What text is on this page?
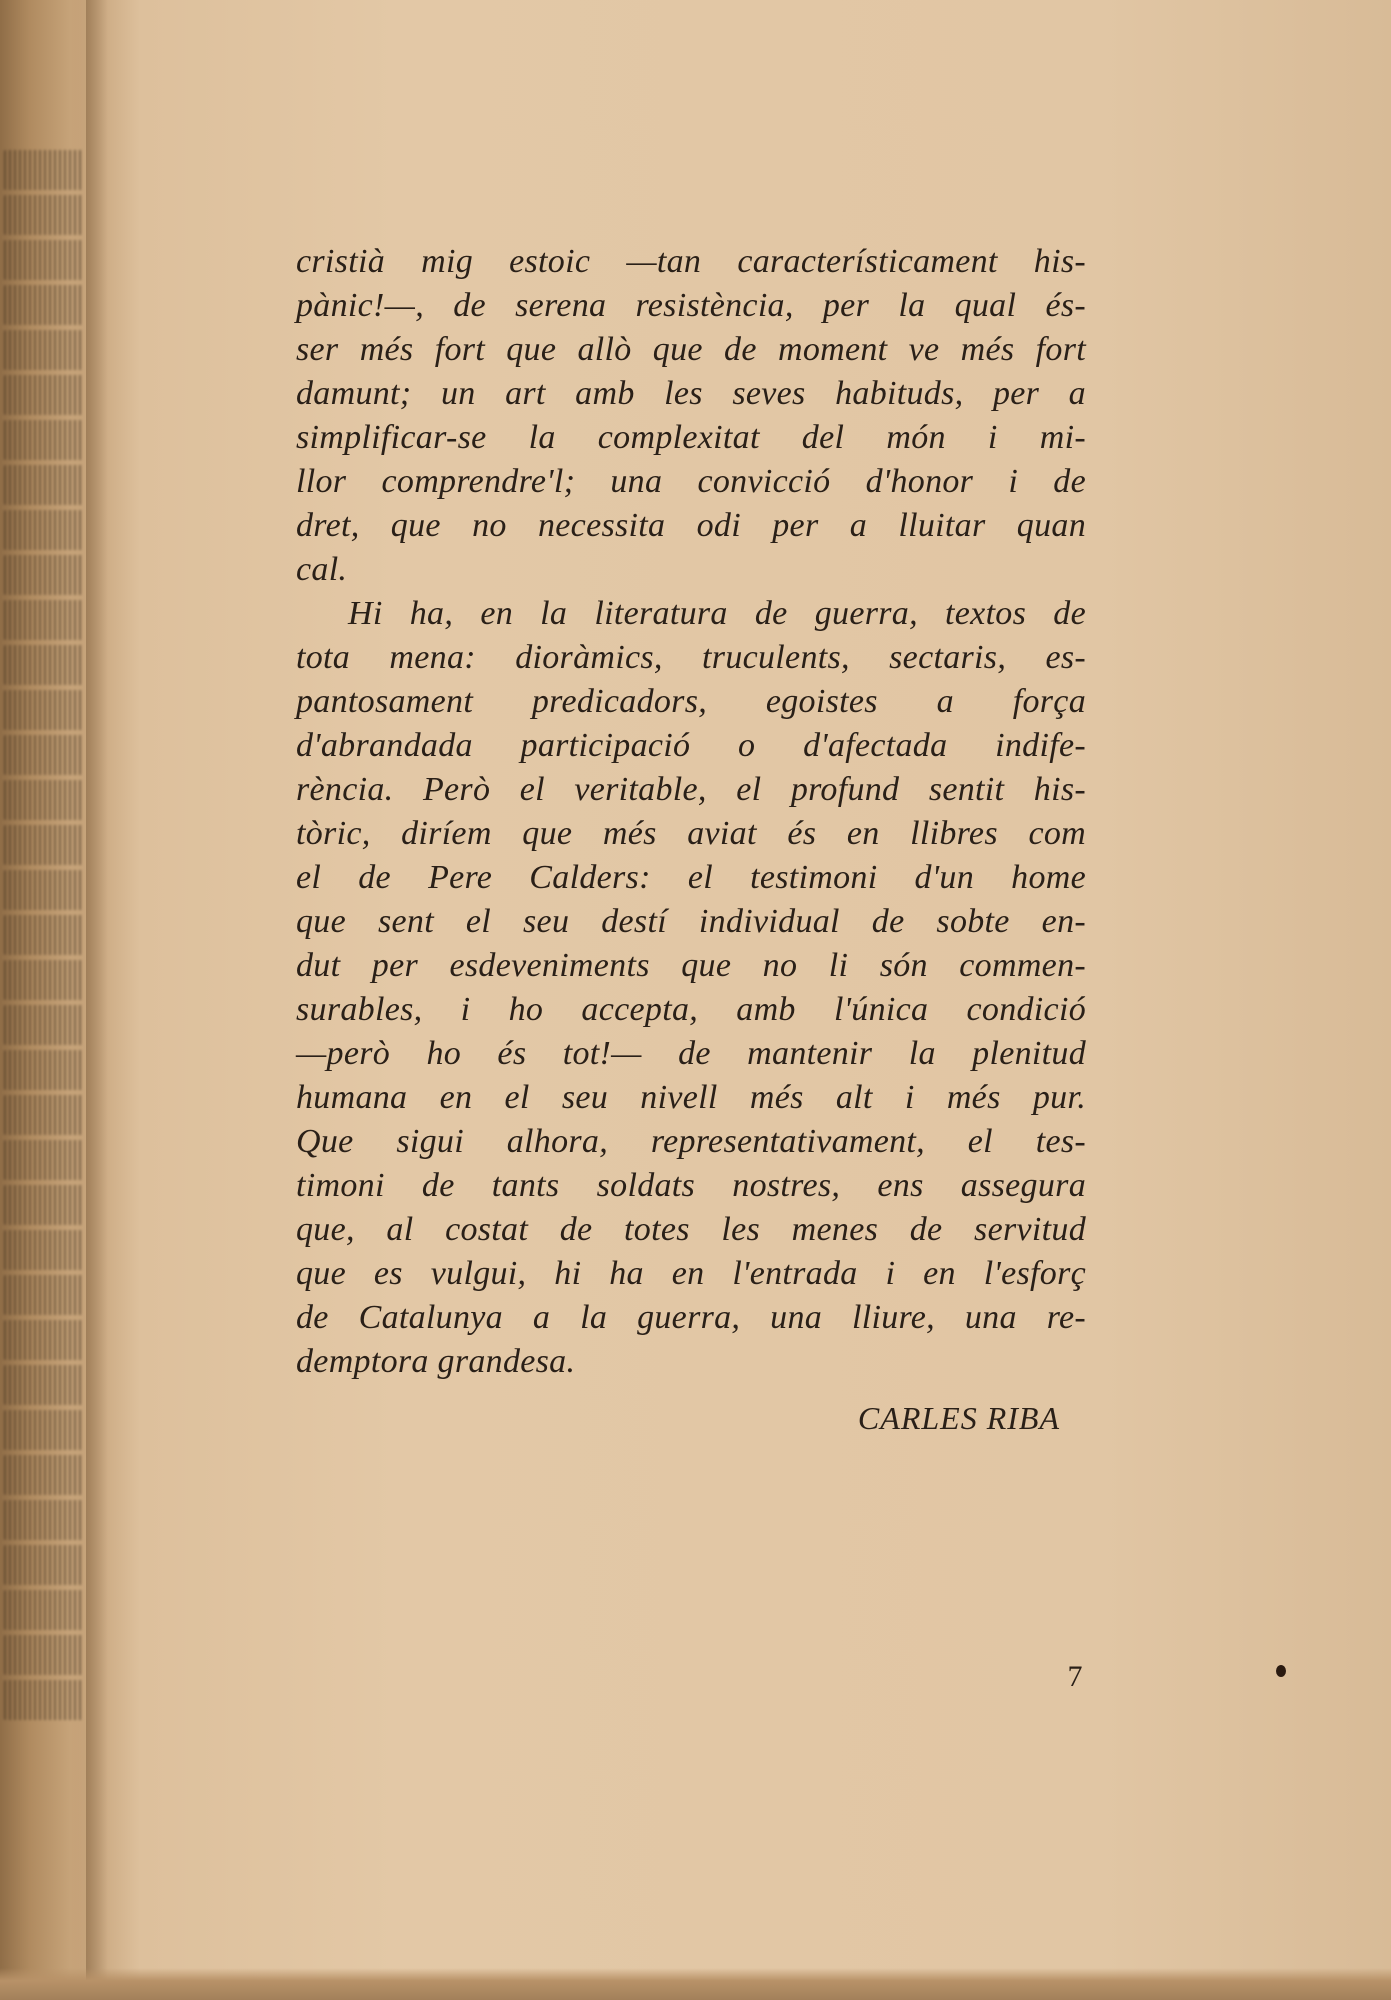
cristià mig estoic —tan característicament his-
pànic!—, de serena resistència, per la qual és-
ser més fort que allò que de moment ve més fort
damunt; un art amb les seves habituds, per a
simplificar-se la complexitat del món i mi-
llor comprendre'l; una convicció d'honor i de
dret, que no necessita odi per a lluitar quan
cal.
Hi ha, en la literatura de guerra, textos de
tota mena: dioràmics, truculents, sectaris, es-
pantosament predicadors, egoistes a força
d'abrandada participació o d'afectada indife-
rència. Però el veritable, el profund sentit his-
tòric, diríem que més aviat és en llibres com
el de Pere Calders: el testimoni d'un home
que sent el seu destí individual de sobte en-
dut per esdeveniments que no li són commen-
surables, i ho accepta, amb l'única condició
—però ho és tot!— de mantenir la plenitud
humana en el seu nivell més alt i més pur.
Que sigui alhora, representativament, el tes-
timoni de tants soldats nostres, ens assegura
que, al costat de totes les menes de servitud
que es vulgui, hi ha en l'entrada i en l'esforç
de Catalunya a la guerra, una lliure, una re-
demptora grandesa.
CARLES RIBA
7
